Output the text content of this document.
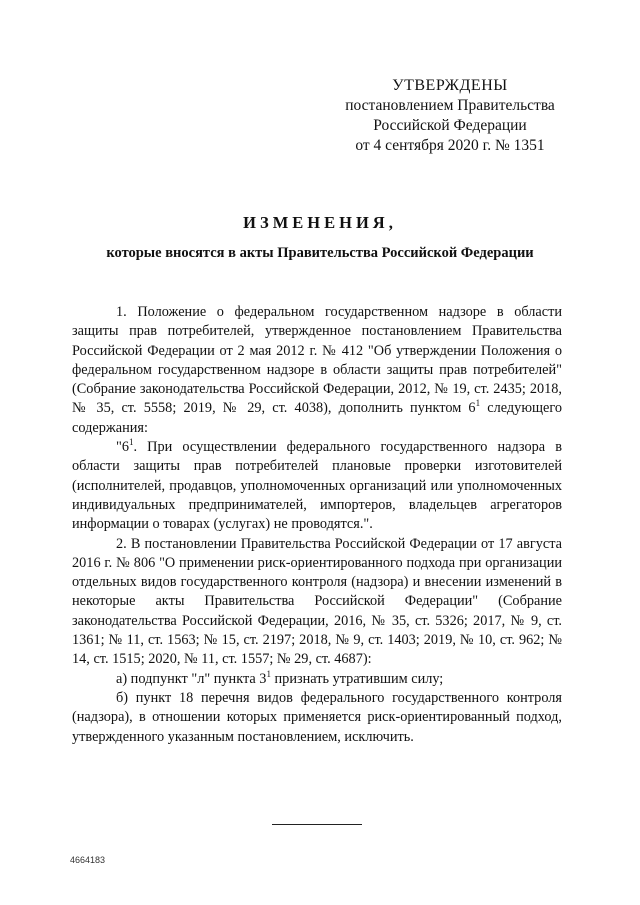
УТВЕРЖДЕНЫ
постановлением Правительства
Российской Федерации
от 4 сентября 2020 г. № 1351
ИЗМЕНЕНИЯ,
которые вносятся в акты Правительства Российской Федерации

1. Положение о федеральном государственном надзоре в области защиты прав потребителей, утвержденное постановлением Правительства Российской Федерации от 2 мая 2012 г. № 412 "Об утверждении Положения о федеральном государственном надзоре в области защиты прав потребителей" (Собрание законодательства Российской Федерации, 2012, № 19, ст. 2435; 2018, № 35, ст. 5558; 2019, № 29, ст. 4038), дополнить пунктом $6^1$ следующего содержания:

"$6^1$. При осуществлении федерального государственного надзора в области защиты прав потребителей плановые проверки изготовителей (исполнителей, продавцов, уполномоченных организаций или уполномоченных индивидуальных предпринимателей, импортеров, владельцев агрегаторов информации о товарах (услугах) не проводятся.".

2. В постановлении Правительства Российской Федерации от 17 августа 2016 г. № 806 "О применении риск-ориентированного подхода при организации отдельных видов государственного контроля (надзора) и внесении изменений в некоторые акты Правительства Российской Федерации" (Собрание законодательства Российской Федерации, 2016, № 35, ст. 5326; 2017, № 9, ст. 1361; № 11, ст. 1563; № 15, ст. 2197; 2018, № 9, ст. 1403; 2019, № 10, ст. 962; № 14, ст. 1515; 2020, № 11, ст. 1557; № 29, ст. 4687):

а) подпункт "л" пункта $3^1$ признать утратившим силу;

б) пункт 18 перечня видов федерального государственного контроля (надзора), в отношении которых применяется риск-ориентированный подход, утвержденного указанным постановлением, исключить.

4664183
